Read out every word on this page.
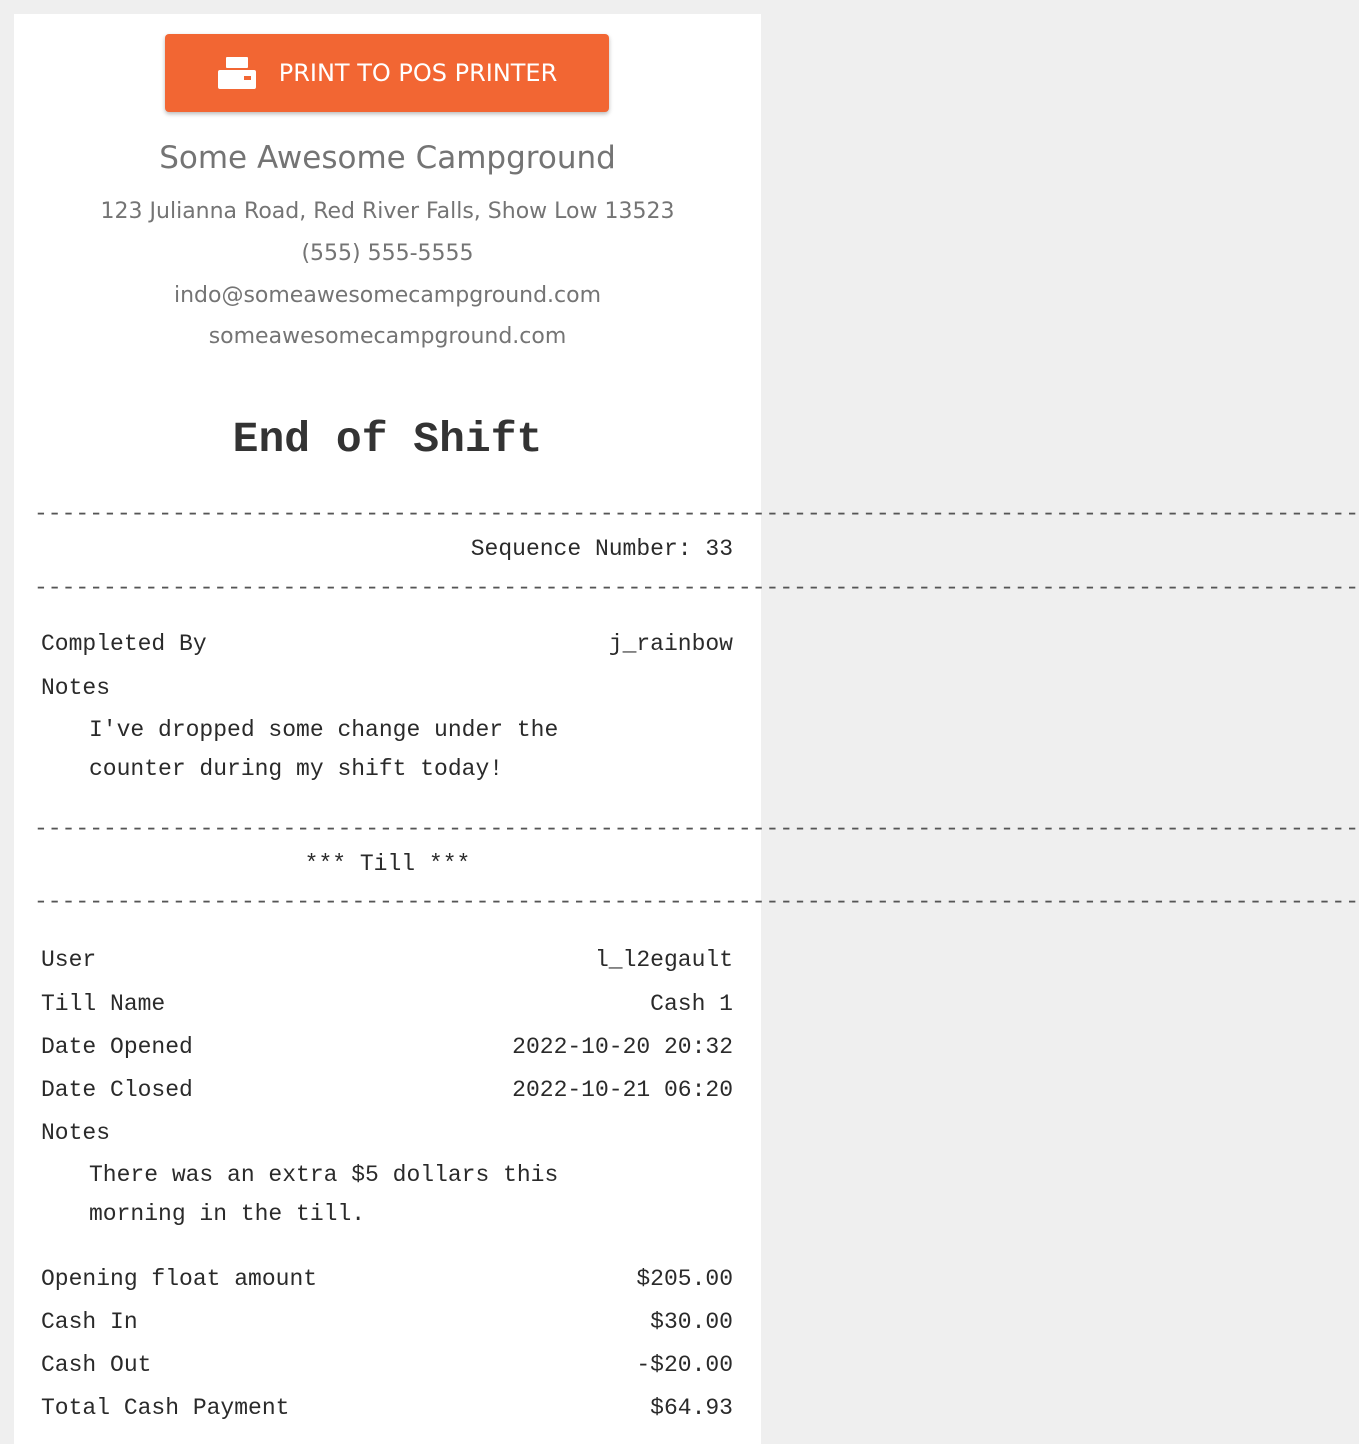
PRINT TO POS PRINTER
Some Awesome Campground
123 Julianna Road, Red River Falls, Show Low 13523
(555) 555-5555
indo@someawesomecampground.com
someawesomecampground.com
End of Shift
------------------------------------------------------------------------------------------------
Sequence Number:
33
------------------------------------------------------------------------------------------------
Completed By	j_rainbow
Notes
I've dropped some change under the
counter during my shift today!
------------------------------------------------------------------------------------------------
*** Till ***
------------------------------------------------------------------------------------------------
User	l_l2egault
Till Name	Cash 1
Date Opened	2022-10-20 20:32
Date Closed	2022-10-21 06:20
Notes
There was an extra $5 dollars this
morning in the till.
Opening float amount	$205.00
Cash In	$30.00
Cash Out	-$20.00
Total Cash Payment	$64.93
